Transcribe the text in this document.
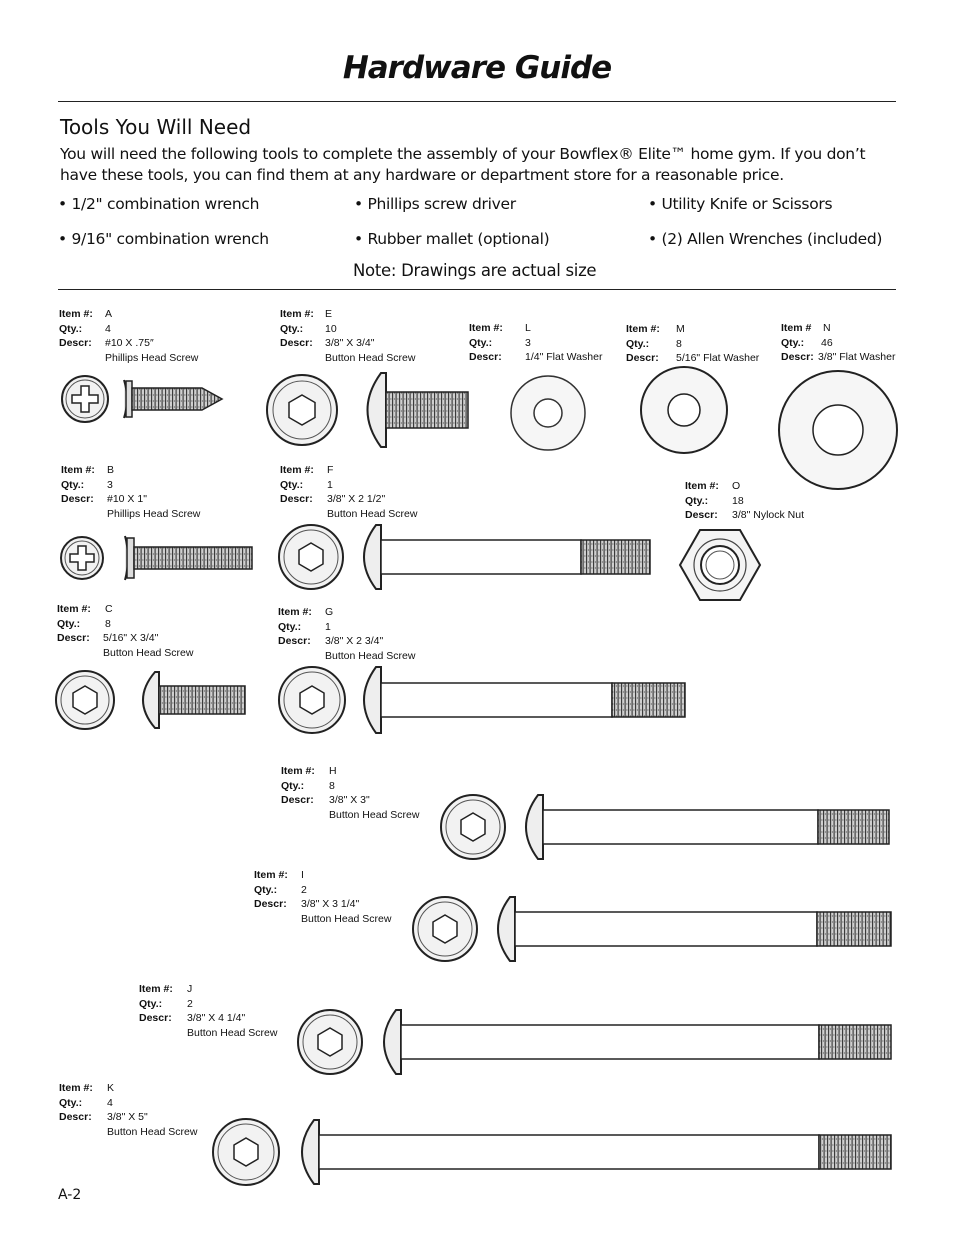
Hardware Guide
Tools You Will Need
You will need the following tools to complete the assembly of your Bowflex® Elite™ home gym. If you don’t have these tools, you can find them at any hardware or department store for a reasonable price.
• 1/2" combination wrench	• Phillips screw driver	• Utility Knife or Scissors
• 9/16" combination wrench	• Rubber mallet (optional)	• (2) Allen Wrenches (included)
Note: Drawings are actual size
Item #:	A
Qty.:	4
Descr:	#10 X .75″
Phillips Head Screw
Item #:	B
Qty.:	3
Descr:	#10 X 1"
Phillips Head Screw
Item #:	C
Qty.:	8
Descr:	5/16" X 3/4"
Button Head Screw
Item #:	E
Qty.:	10
Descr:	3/8" X 3/4"
Button Head Screw
Item #:	F
Qty.:	1
Descr:	3/8" X 2 1/2"
Button Head Screw
Item #:	G
Qty.:	1
Descr:	3/8" X 2 3/4"
Button Head Screw
Item #:	H
Qty.:	8
Descr:	3/8" X 3"
Button Head Screw
Item #:	I
Qty.:	2
Descr:	3/8" X 3 1/4"
Button Head Screw
Item #:	J
Qty.:	2
Descr:	3/8" X 4 1/4"
Button Head Screw
Item #:	K
Qty.:	4
Descr:	3/8" X 5"
Button Head Screw
Item #:	L
Qty.:	3
Descr:	1/4" Flat Washer
Item #:	M
Qty.:	8
Descr:	5/16" Flat Washer
Item #	N
Qty.:	46
Descr: 3/8" Flat Washer
Item #:	O
Qty.:	18
Descr:	3/8" Nylock Nut
A-2
